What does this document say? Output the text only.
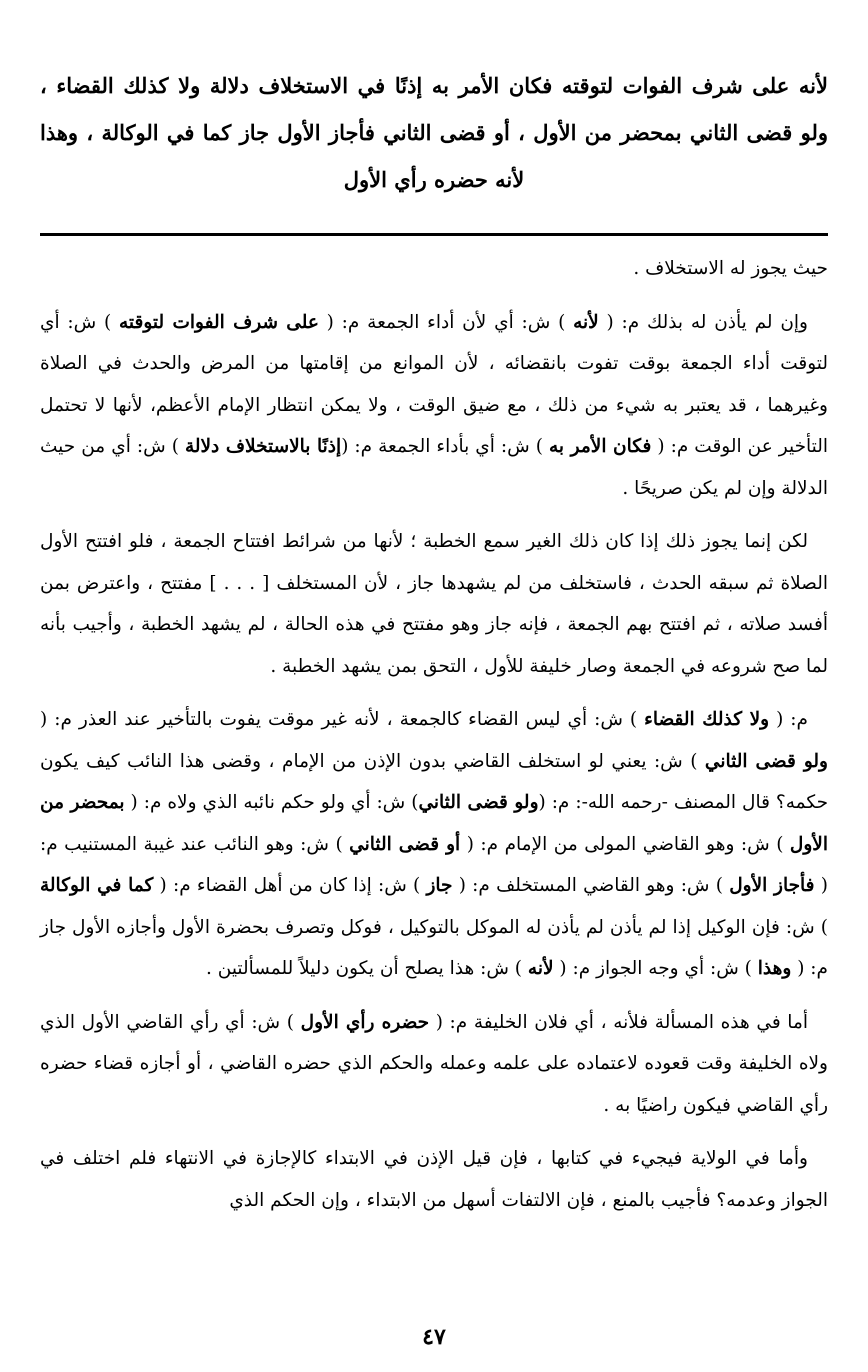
لأنه على شرف الفوات لتوقته فكان الأمر به إذنًا في الاستخلاف دلالة ولا كذلك القضاء ، ولو قضى الثاني بمحضر من الأول ، أو قضى الثاني فأجاز الأول جاز كما في الوكالة ، وهذا لأنه حضره رأي الأول

حيث يجوز له الاستخلاف .

وإن لم يأذن له بذلك م: ( لأنه ) ش: أي لأن أداء الجمعة م: ( على شرف الفوات لتوقته ) ش: أي لتوقت أداء الجمعة بوقت تفوت بانقضائه ، لأن الموانع من إقامتها من المرض والحدث في الصلاة وغيرهما ، قد يعتبر به شيء من ذلك ، مع ضيق الوقت ، ولا يمكن انتظار الإمام الأعظم، لأنها لا تحتمل التأخير عن الوقت م: ( فكان الأمر به ) ش: أي بأداء الجمعة م: (إذنًا بالاستخلاف دلالة ) ش: أي من حيث الدلالة وإن لم يكن صريحًا .

لكن إنما يجوز ذلك إذا كان ذلك الغير سمع الخطبة ؛ لأنها من شرائط افتتاح الجمعة ، فلو افتتح الأول الصلاة ثم سبقه الحدث ، فاستخلف من لم يشهدها جاز ، لأن المستخلف [ . . . ] مفتتح ، واعترض بمن أفسد صلاته ، ثم افتتح بهم الجمعة ، فإنه جاز وهو مفتتح في هذه الحالة ، لم يشهد الخطبة ، وأجيب بأنه لما صح شروعه في الجمعة وصار خليفة للأول ، التحق بمن يشهد الخطبة .

م: ( ولا كذلك القضاء ) ش: أي ليس القضاء كالجمعة ، لأنه غير موقت يفوت بالتأخير عند العذر م: ( ولو قضى الثاني ) ش: يعني لو استخلف القاضي بدون الإذن من الإمام ، وقضى هذا النائب كيف يكون حكمه؟ قال المصنف -رحمه الله-: م: (ولو قضى الثاني) ش: أي ولو حكم نائبه الذي ولاه م: ( بمحضر من الأول ) ش: وهو القاضي المولى من الإمام م: ( أو قضى الثاني ) ش: وهو النائب عند غيبة المستنيب م: ( فأجاز الأول ) ش: وهو القاضي المستخلف م: ( جاز ) ش: إذا كان من أهل القضاء م: ( كما في الوكالة ) ش: فإن الوكيل إذا لم يأذن لم يأذن له الموكل بالتوكيل ، فوكل وتصرف بحضرة الأول وأجازه الأول جاز م: ( وهذا ) ش: أي وجه الجواز م: ( لأنه ) ش: هذا يصلح أن يكون دليلاً للمسألتين .

أما في هذه المسألة فلأنه ، أي فلان الخليفة م: ( حضره رأي الأول ) ش: أي رأي القاضي الأول الذي ولاه الخليفة وقت قعوده لاعتماده على علمه وعمله والحكم الذي حضره القاضي ، أو أجازه قضاء حضره رأي القاضي فيكون راضيًا به .

وأما في الولاية فيجيء في كتابها ، فإن قيل الإذن في الابتداء كالإجازة في الانتهاء فلم اختلف في الجواز وعدمه؟ فأجيب بالمنع ، فإن الالتفات أسهل من الابتداء ، وإن الحكم الذي

٤٧
